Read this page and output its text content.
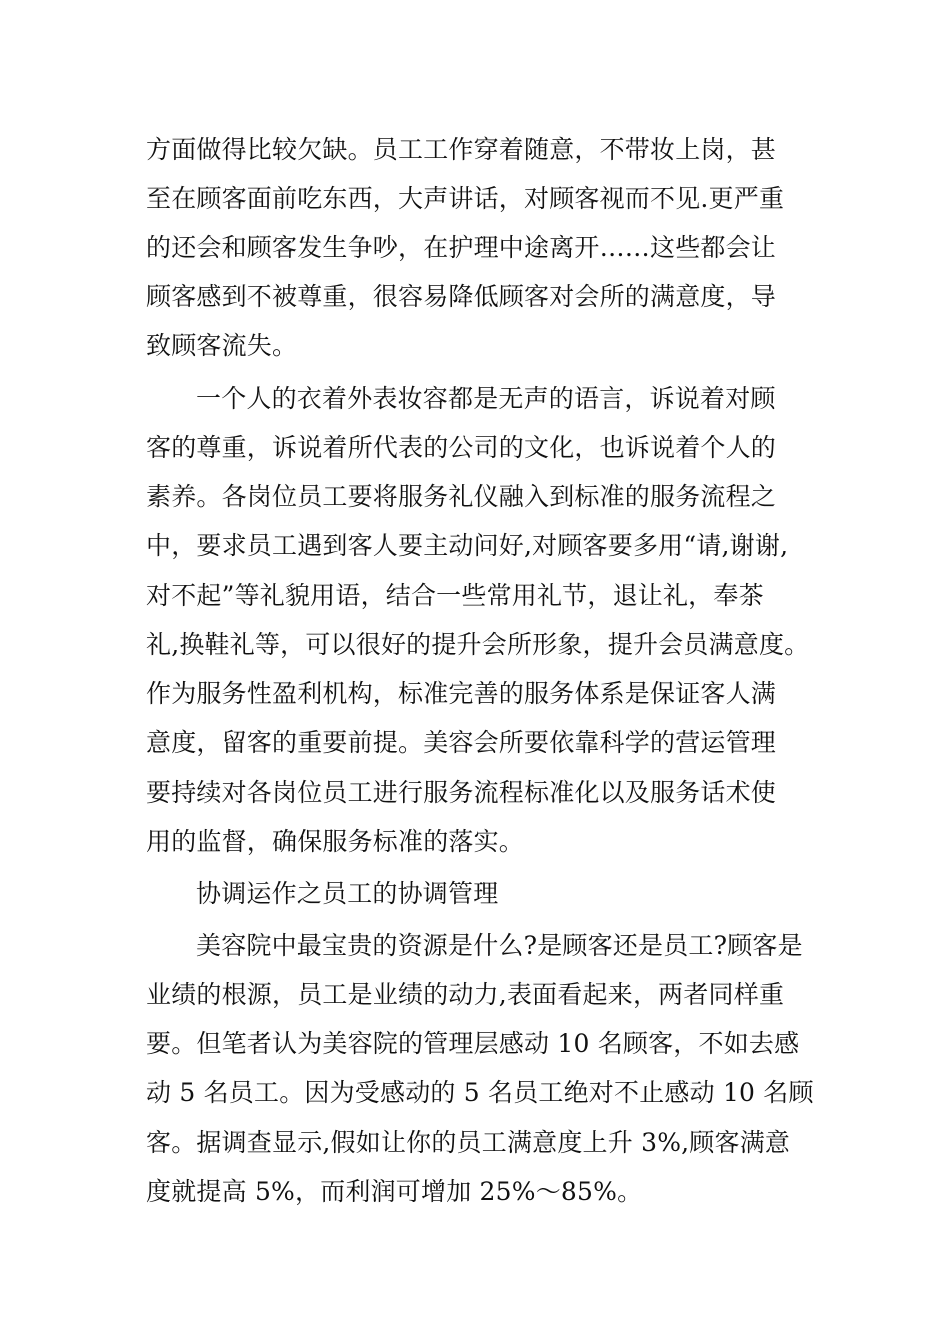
方面做得比较欠缺。员工工作穿着随意，不带妆上岗，甚
至在顾客面前吃东西，大声讲话，对顾客视而不见.更严重
的还会和顾客发生争吵，在护理中途离开……这些都会让
顾客感到不被尊重，很容易降低顾客对会所的满意度，导
致顾客流失。
一个人的衣着外表妆容都是无声的语言，诉说着对顾
客的尊重，诉说着所代表的公司的文化，也诉说着个人的
素养。各岗位员工要将服务礼仪融入到标准的服务流程之
中，要求员工遇到客人要主动问好,对顾客要多用“请,谢谢,
对不起”等礼貌用语，结合一些常用礼节，退让礼，奉茶
礼,换鞋礼等，可以很好的提升会所形象，提升会员满意度。
作为服务性盈利机构，标准完善的服务体系是保证客人满
意度，留客的重要前提。美容会所要依靠科学的营运管理
要持续对各岗位员工进行服务流程标准化以及服务话术使
用的监督，确保服务标准的落实。
协调运作之员工的协调管理
美容院中最宝贵的资源是什么?是顾客还是员工?顾客是
业绩的根源，员工是业绩的动力,表面看起来，两者同样重
要。但笔者认为美容院的管理层感动 10 名顾客，不如去感
动 5 名员工。因为受感动的 5 名员工绝对不止感动 10 名顾
客。据调查显示,假如让你的员工满意度上升 3%,顾客满意
度就提高 5%，而利润可增加 25%～85%。
